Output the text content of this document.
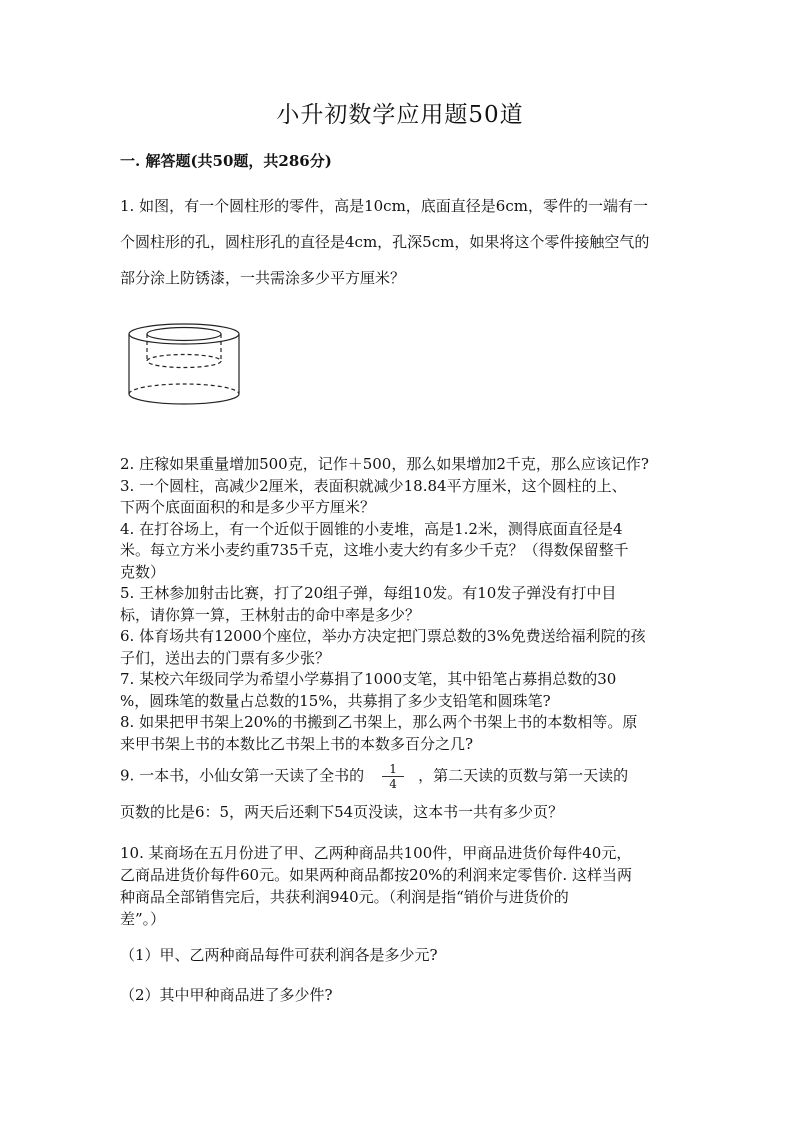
小升初数学应用题50道
一. 解答题(共50题，共286分)
1. 如图，有一个圆柱形的零件，高是10cm，底面直径是6cm，零件的一端有一
个圆柱形的孔，圆柱形孔的直径是4cm，孔深5cm，如果将这个零件接触空气的
部分涂上防锈漆，一共需涂多少平方厘米？
2. 庄稼如果重量增加500克，记作＋500，那么如果增加2千克，那么应该记作?
3. 一个圆柱，高减少2厘米，表面积就减少18.84平方厘米，这个圆柱的上、
下两个底面面积的和是多少平方厘米？
4. 在打谷场上，有一个近似于圆锥的小麦堆，高是1.2米，测得底面直径是4
米。每立方米小麦约重735千克，这堆小麦大约有多少千克？（得数保留整千
克数）
5. 王林参加射击比赛，打了20组子弹，每组10发。有10发子弹没有打中目
标，请你算一算，王林射击的命中率是多少？
6. 体育场共有12000个座位，举办方决定把门票总数的3%免费送给福利院的孩
子们，送出去的门票有多少张？
7. 某校六年级同学为希望小学募捐了1000支笔，其中铅笔占募捐总数的30
%，圆珠笔的数量占总数的15%，共募捐了多少支铅笔和圆珠笔?
8. 如果把甲书架上20%的书搬到乙书架上，那么两个书架上书的本数相等。原
来甲书架上书的本数比乙书架上书的本数多百分之几?
9. 一本书，小仙女第一天读了全书的 $\frac{1}{4}$ ，第二天读的页数与第一天读的
页数的比是6：5，两天后还剩下54页没读，这本书一共有多少页？
10. 某商场在五月份进了甲、乙两种商品共100件，甲商品进货价每件40元，
乙商品进货价每件60元。如果两种商品都按20%的利润来定零售价. 这样当两
种商品全部销售完后，共获利润940元。（利润是指“销价与进货价的
差”。）
（1）甲、乙两种商品每件可获利润各是多少元?
（2）其中甲种商品进了多少件?
